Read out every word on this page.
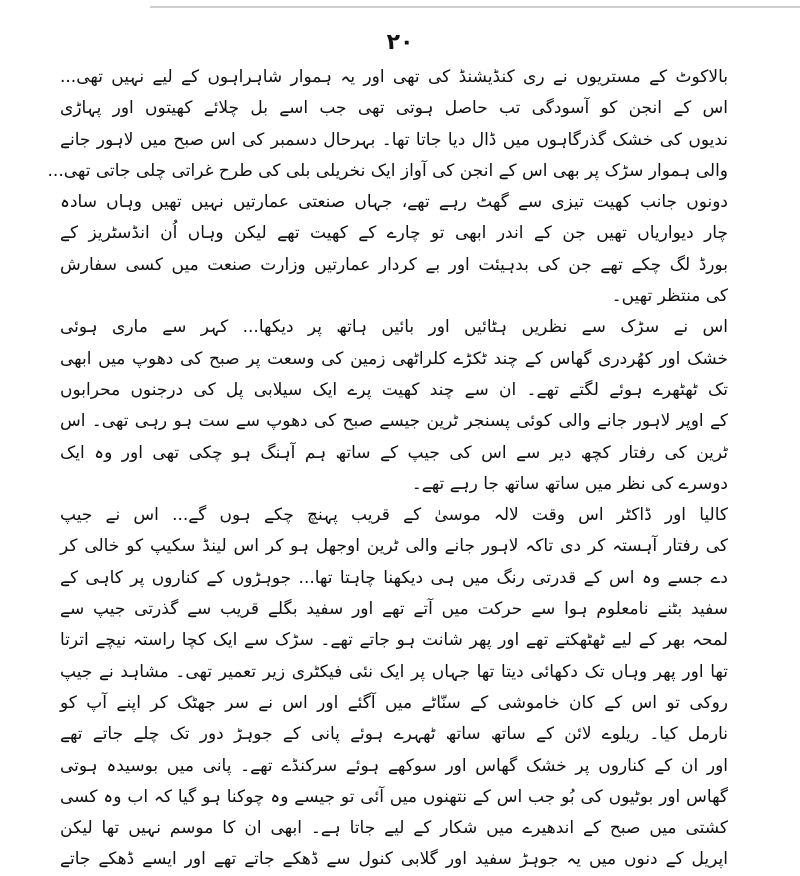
۲۰
بالاکوٹ کے مستریوں نے ری کنڈیشنڈ کی تھی اور یہ ہموار شاہراہوں کے لیے نہیں تھی...
اس کے انجن کو آسودگی تب حاصل ہوتی تھی جب اسے بل چلائے کھیتوں اور پہاڑی
ندیوں کی خشک گذرگاہوں میں ڈال دیا جاتا تھا۔ بہرحال دسمبر کی اس صبح میں لاہور جانے
والی ہموار سڑک پر بھی اس کے انجن کی آواز ایک نخریلی بلی کی طرح غراتی چلی جاتی تھی...
دونوں جانب کھیت تیزی سے گھٹ رہے تھے، جہاں صنعتی عمارتیں نہیں تھیں وہاں سادہ
چار دیواریاں تھیں جن کے اندر ابھی تو چارے کے کھیت تھے لیکن وہاں اُن انڈسٹریز کے
بورڈ لگ چکے تھے جن کی بدہیئت اور بے کردار عمارتیں وزارت صنعت میں کسی سفارش
کی منتظر تھیں۔
اس نے سڑک سے نظریں ہٹائیں اور بائیں ہاتھ پر دیکھا... کہر سے ماری ہوئی
خشک اور کھُردری گھاس کے چند ٹکڑے کلراٹھی زمین کی وسعت پر صبح کی دھوپ میں ابھی
تک ٹھٹھرے ہوئے لگتے تھے۔ ان سے چند کھیت پرے ایک سیلابی پل کی درجنوں محرابوں
کے اوپر لاہور جانے والی کوئی پسنجر ٹرین جیسے صبح کی دھوپ سے ست ہو رہی تھی۔ اس
ٹرین کی رفتار کچھ دیر سے اس کی جیپ کے ساتھ ہم آہنگ ہو چکی تھی اور وہ ایک
دوسرے کی نظر میں ساتھ ساتھ جا رہے تھے۔
کالیا اور ڈاکٹر اس وقت لالہ موسیٰ کے قریب پہنچ چکے ہوں گے... اس نے جیپ
کی رفتار آہستہ کر دی تاکہ لاہور جانے والی ٹرین اوجھل ہو کر اس لینڈ سکیپ کو خالی کر
دے جسے وہ اس کے قدرتی رنگ میں ہی دیکھنا چاہتا تھا... جوہڑوں کے کناروں پر کاہی کے
سفید بٹنے نامعلوم ہوا سے حرکت میں آتے تھے اور سفید بگلے قریب سے گذرتی جیپ سے
لمحہ بھر کے لیے ٹھٹھکتے تھے اور پھر شانت ہو جاتے تھے۔ سڑک سے ایک کچا راستہ نیچے اترتا
تھا اور پھر وہاں تک دکھائی دیتا تھا جہاں پر ایک نئی فیکٹری زیر تعمیر تھی۔ مشاہد نے جیپ
روکی تو اس کے کان خاموشی کے سنّاٹے میں آگئے اور اس نے سر جھٹک کر اپنے آپ کو
نارمل کیا۔ ریلوے لائن کے ساتھ ساتھ ٹھہرے ہوئے پانی کے جوہڑ دور تک چلے جاتے تھے
اور ان کے کناروں پر خشک گھاس اور سوکھے ہوئے سرکنڈے تھے۔ پانی میں بوسیدہ ہوتی
گھاس اور بوٹیوں کی بُو جب اس کے نتھنوں میں آئی تو جیسے وہ چوکنا ہو گیا کہ اب وہ کسی
کشتی میں صبح کے اندھیرے میں شکار کے لیے جاتا ہے۔ ابھی ان کا موسم نہیں تھا لیکن
اپریل کے دنوں میں یہ جوہڑ سفید اور گلابی کنول سے ڈھکے جاتے تھے اور ایسے ڈھکے جاتے
